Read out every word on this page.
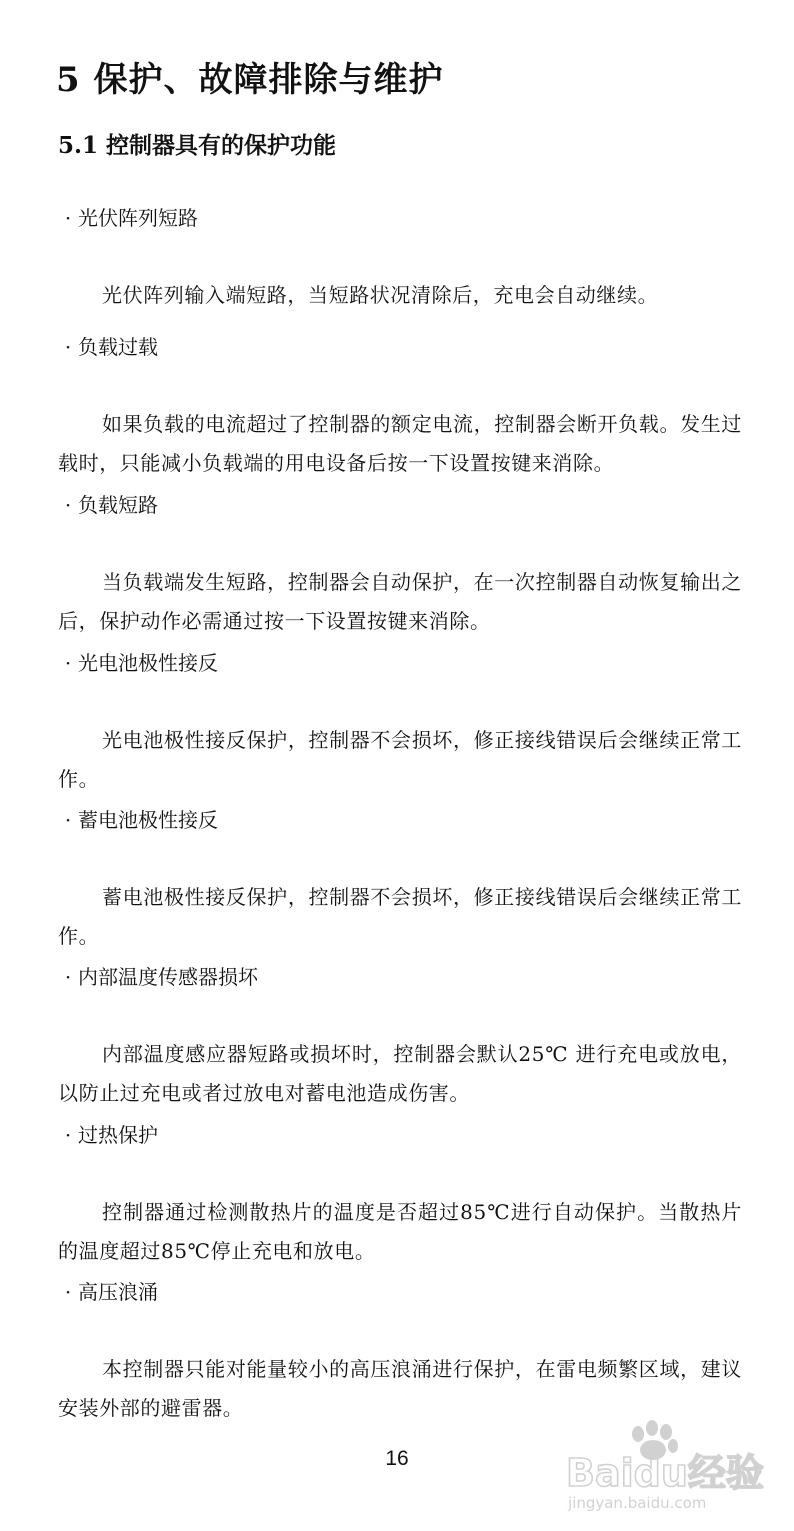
5 保护、故障排除与维护
5.1 控制器具有的保护功能
· 光伏阵列短路
光伏阵列输入端短路，当短路状况清除后，充电会自动继续。
· 负载过载
如果负载的电流超过了控制器的额定电流，控制器会断开负载。发生过载时，只能减小负载端的用电设备后按一下设置按键来消除。
· 负载短路
当负载端发生短路，控制器会自动保护，在一次控制器自动恢复输出之后，保护动作必需通过按一下设置按键来消除。
· 光电池极性接反
光电池极性接反保护，控制器不会损坏，修正接线错误后会继续正常工作。
· 蓄电池极性接反
蓄电池极性接反保护，控制器不会损坏，修正接线错误后会继续正常工作。
· 内部温度传感器损坏
内部温度感应器短路或损坏时，控制器会默认25℃ 进行充电或放电，以防止过充电或者过放电对蓄电池造成伤害。
· 过热保护
控制器通过检测散热片的温度是否超过85℃进行自动保护。当散热片的温度超过85℃停止充电和放电。
· 高压浪涌
本控制器只能对能量较小的高压浪涌进行保护，在雷电频繁区域，建议安装外部的避雷器。
16	Baidu经验
jingyan.baidu.com
